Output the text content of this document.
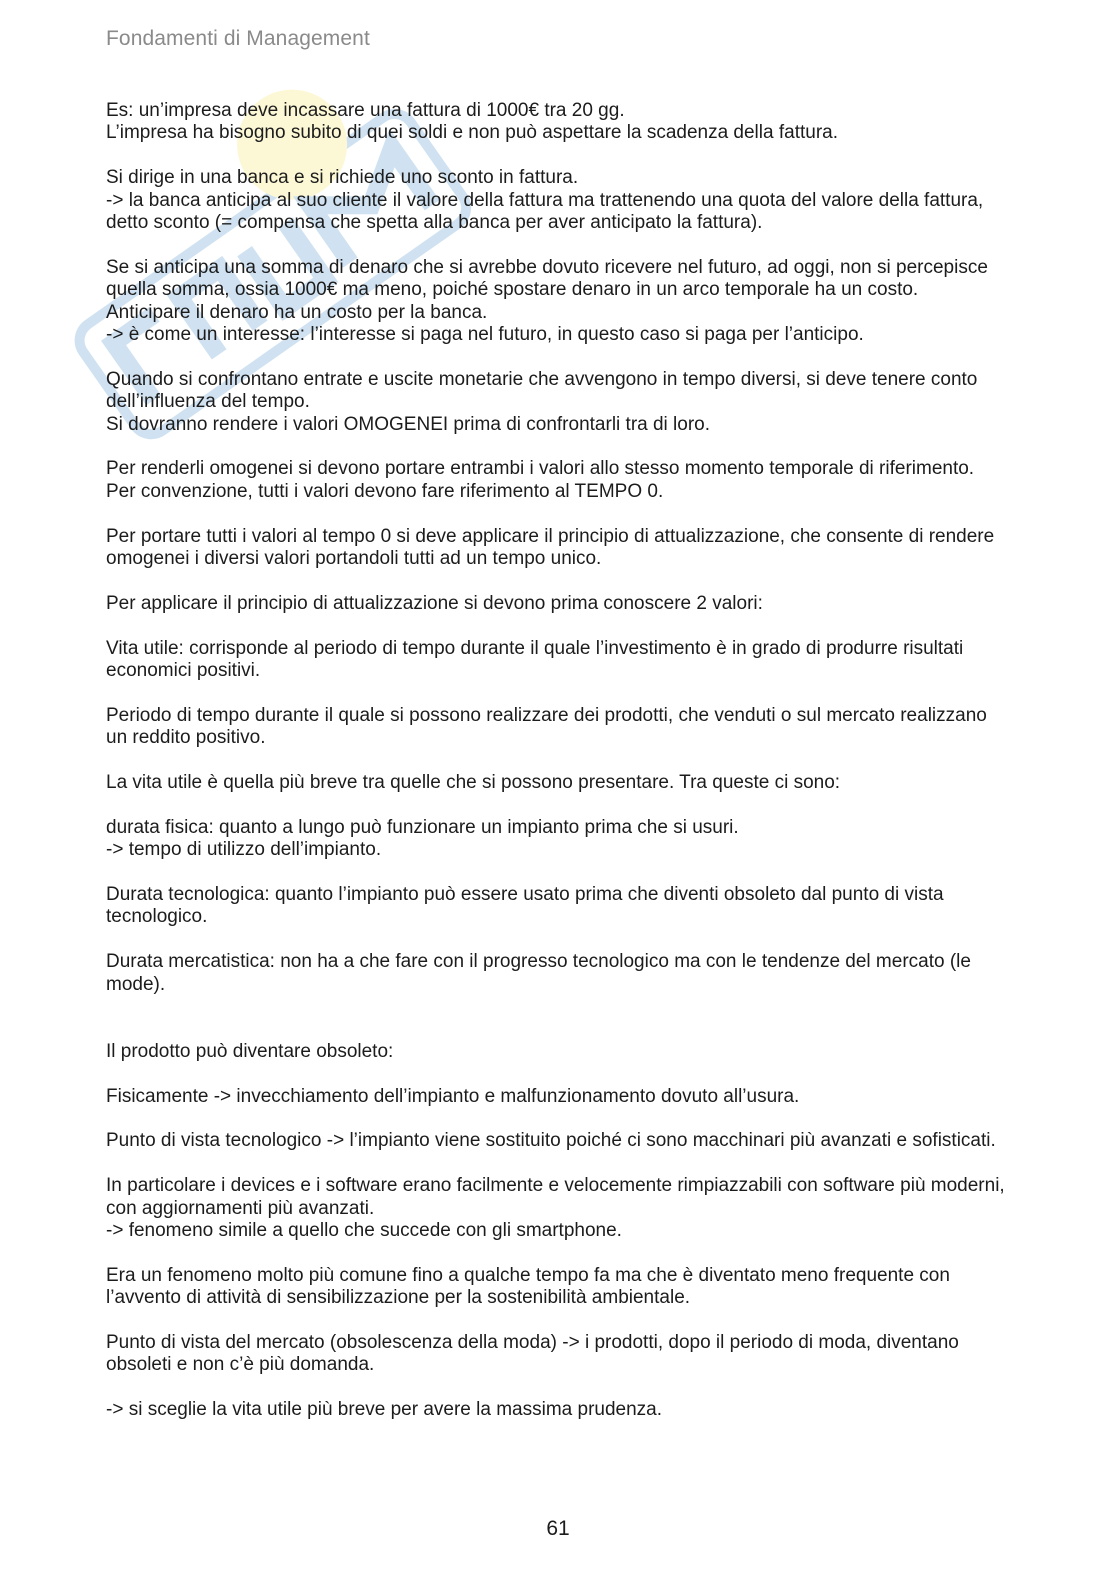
Fondamenti di Management
Es: un’impresa deve incassare una fattura di 1000€ tra 20 gg.
L’impresa ha bisogno subito di quei soldi e non può aspettare la scadenza della fattura.
Si dirige in una banca e si richiede uno sconto in fattura.
-> la banca anticipa al suo cliente il valore della fattura ma trattenendo una quota del valore della fattura, detto sconto (= compensa che spetta alla banca per aver anticipato la fattura).
Se si anticipa una somma di denaro che si avrebbe dovuto ricevere nel futuro, ad oggi, non si percepisce quella somma, ossia 1000€ ma meno, poiché spostare denaro in un arco temporale ha un costo.
Anticipare il denaro ha un costo per la banca.
-> è come un interesse: l’interesse si paga nel futuro, in questo caso si paga per l’anticipo.
Quando si confrontano entrate e uscite monetarie che avvengono in tempo diversi, si deve tenere conto dell’influenza del tempo.
Si dovranno rendere i valori OMOGENEI prima di confrontarli tra di loro.
Per renderli omogenei si devono portare entrambi i valori allo stesso momento temporale di riferimento.
Per convenzione, tutti i valori devono fare riferimento al TEMPO 0.
Per portare tutti i valori al tempo 0 si deve applicare il principio di attualizzazione, che consente di rendere omogenei i diversi valori portandoli tutti ad un tempo unico.
Per applicare il principio di attualizzazione si devono prima conoscere 2 valori:
Vita utile: corrisponde al periodo di tempo durante il quale l’investimento è in grado di produrre risultati economici positivi.
Periodo di tempo durante il quale si possono realizzare dei prodotti, che venduti o sul mercato realizzano un reddito positivo.
La vita utile è quella più breve tra quelle che si possono presentare. Tra queste ci sono:
durata fisica: quanto a lungo può funzionare un impianto prima che si usuri.
-> tempo di utilizzo dell’impianto.
Durata tecnologica: quanto l’impianto può essere usato prima che diventi obsoleto dal punto di vista tecnologico.
Durata mercatistica: non ha a che fare con il progresso tecnologico ma con le tendenze del mercato (le mode).
Il prodotto può diventare obsoleto:
Fisicamente -> invecchiamento dell’impianto e malfunzionamento dovuto all’usura.
Punto di vista tecnologico -> l’impianto viene sostituito poiché ci sono macchinari più avanzati e sofisticati.
In particolare i devices e i software erano facilmente e velocemente rimpiazzabili con software più moderni, con aggiornamenti più avanzati.
-> fenomeno simile a quello che succede con gli smartphone.
Era un fenomeno molto più comune fino a qualche tempo fa ma che è diventato meno frequente con l’avvento di attività di sensibilizzazione per la sostenibilità ambientale.
Punto di vista del mercato (obsolescenza della moda) -> i prodotti, dopo il periodo di moda, diventano obsoleti e non c’è più domanda.
-> si sceglie la vita utile più breve per avere la massima prudenza.
61
